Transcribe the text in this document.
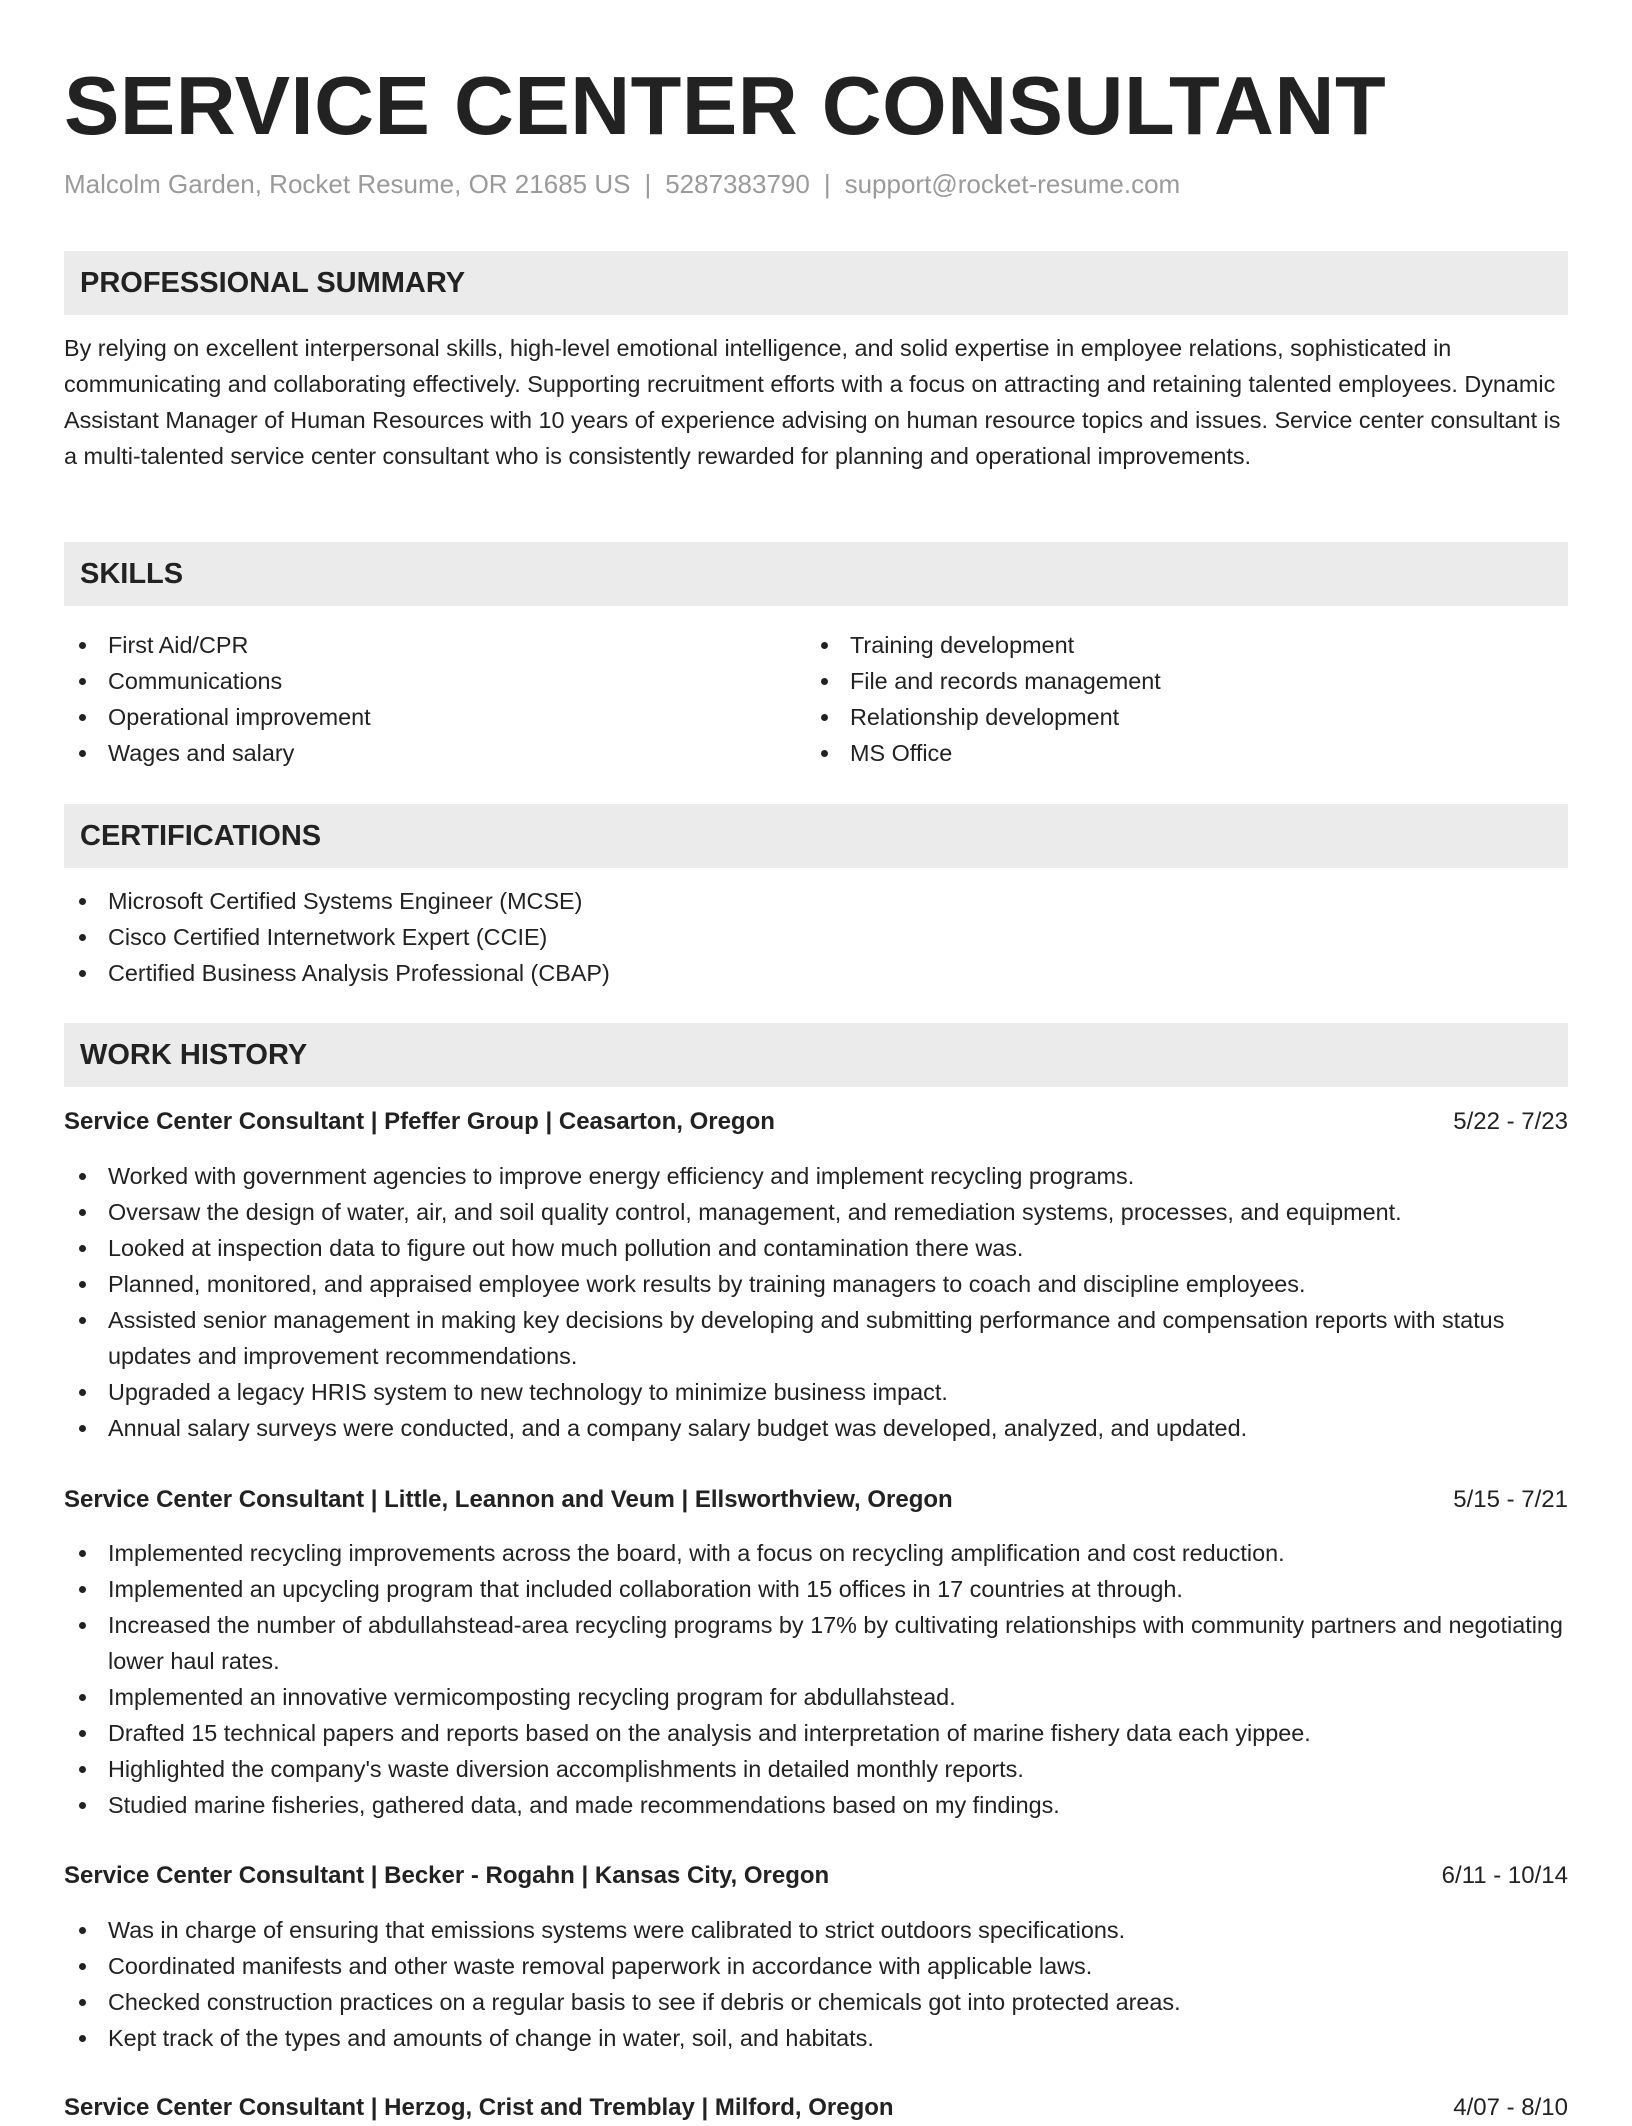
SERVICE CENTER CONSULTANT
Malcolm Garden, Rocket Resume, OR 21685 US | 5287383790 | support@rocket-resume.com
PROFESSIONAL SUMMARY
By relying on excellent interpersonal skills, high-level emotional intelligence, and solid expertise in employee relations, sophisticated in communicating and collaborating effectively. Supporting recruitment efforts with a focus on attracting and retaining talented employees. Dynamic Assistant Manager of Human Resources with 10 years of experience advising on human resource topics and issues. Service center consultant is a multi-talented service center consultant who is consistently rewarded for planning and operational improvements.
SKILLS
First Aid/CPR
Communications
Operational improvement
Wages and salary
Training development
File and records management
Relationship development
MS Office
CERTIFICATIONS
Microsoft Certified Systems Engineer (MCSE)
Cisco Certified Internetwork Expert (CCIE)
Certified Business Analysis Professional (CBAP)
WORK HISTORY
Service Center Consultant | Pfeffer Group | Ceasarton, Oregon	5/22 - 7/23
Worked with government agencies to improve energy efficiency and implement recycling programs.
Oversaw the design of water, air, and soil quality control, management, and remediation systems, processes, and equipment.
Looked at inspection data to figure out how much pollution and contamination there was.
Planned, monitored, and appraised employee work results by training managers to coach and discipline employees.
Assisted senior management in making key decisions by developing and submitting performance and compensation reports with status updates and improvement recommendations.
Upgraded a legacy HRIS system to new technology to minimize business impact.
Annual salary surveys were conducted, and a company salary budget was developed, analyzed, and updated.
Service Center Consultant | Little, Leannon and Veum | Ellsworthview, Oregon	5/15 - 7/21
Implemented recycling improvements across the board, with a focus on recycling amplification and cost reduction.
Implemented an upcycling program that included collaboration with 15 offices in 17 countries at through.
Increased the number of abdullahstead-area recycling programs by 17% by cultivating relationships with community partners and negotiating lower haul rates.
Implemented an innovative vermicomposting recycling program for abdullahstead.
Drafted 15 technical papers and reports based on the analysis and interpretation of marine fishery data each yippee.
Highlighted the company's waste diversion accomplishments in detailed monthly reports.
Studied marine fisheries, gathered data, and made recommendations based on my findings.
Service Center Consultant | Becker - Rogahn | Kansas City, Oregon	6/11 - 10/14
Was in charge of ensuring that emissions systems were calibrated to strict outdoors specifications.
Coordinated manifests and other waste removal paperwork in accordance with applicable laws.
Checked construction practices on a regular basis to see if debris or chemicals got into protected areas.
Kept track of the types and amounts of change in water, soil, and habitats.
Service Center Consultant | Herzog, Crist and Tremblay | Milford, Oregon	4/07 - 8/10
